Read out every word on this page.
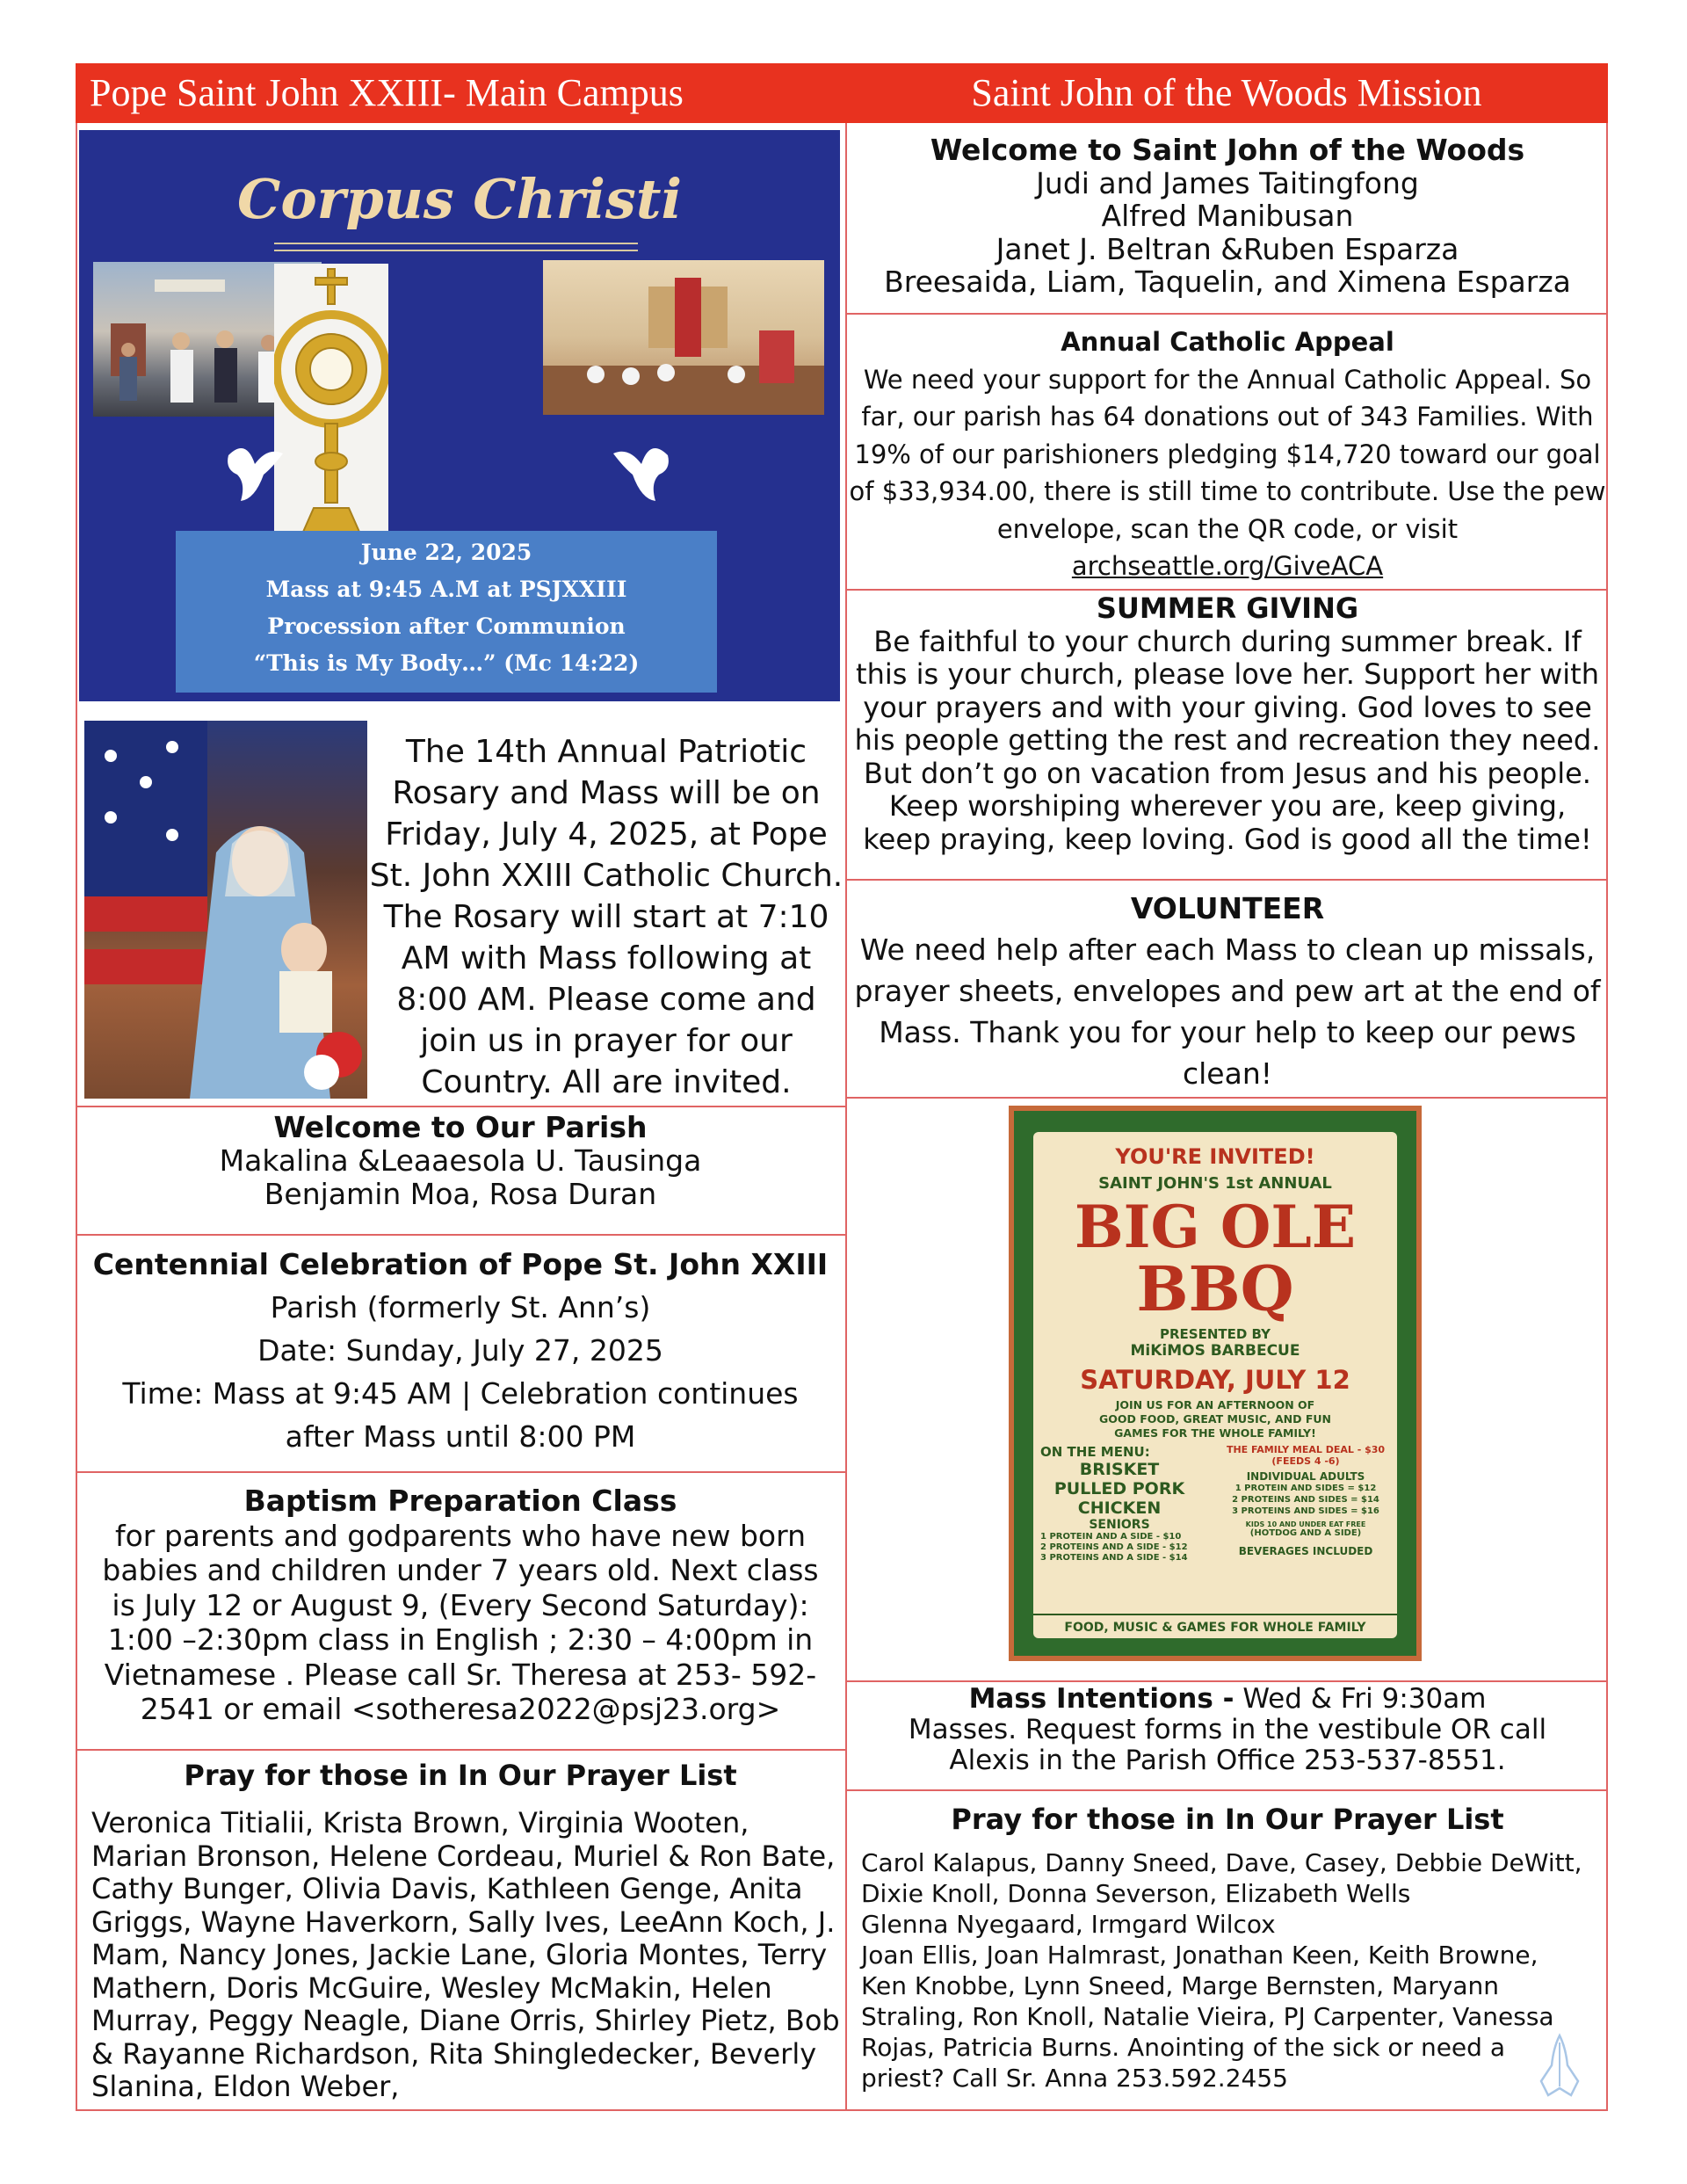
Pope Saint John XXIII- Main Campus	Saint John of the Woods Mission
Corpus Christi
June 22, 2025
Mass at 9:45 A.M at PSJXXIII
Procession after Communion
“This is My Body…” (Mc 14:22)
The 14th Annual Patriotic
Rosary and Mass will be on
Friday, July 4, 2025, at Pope
St. John XXIII Catholic Church.
The Rosary will start at 7:10
AM with Mass following at
8:00 AM. Please come and
join us in prayer for our
Country. All are invited.
Welcome to Our Parish
Makalina &Leaaesola U. Tausinga
Benjamin Moa, Rosa Duran
Centennial Celebration of Pope St. John XXIII
Parish (formerly St. Ann’s)
Date: Sunday, July 27, 2025
Time: Mass at 9:45 AM | Celebration continues
after Mass until 8:00 PM
Baptism Preparation Class
for parents and godparents who have new born
babies and children under 7 years old. Next class
is July 12 or August 9, (Every Second Saturday):
1:00 –2:30pm class in English ; 2:30 – 4:00pm in
Vietnamese . Please call Sr. Theresa at 253- 592-
2541 or email <sotheresa2022@psj23.org>
Pray for those in In Our Prayer List
Veronica Titialii, Krista Brown, Virginia Wooten,
Marian Bronson, Helene Cordeau, Muriel & Ron Bate,
Cathy Bunger, Olivia Davis, Kathleen Genge, Anita
Griggs, Wayne Haverkorn, Sally Ives, LeeAnn Koch, J.
Mam, Nancy Jones, Jackie Lane, Gloria Montes, Terry
Mathern, Doris McGuire, Wesley McMakin, Helen
Murray, Peggy Neagle, Diane Orris, Shirley Pietz, Bob
& Rayanne Richardson, Rita Shingledecker, Beverly
Slanina, Eldon Weber,
Welcome to Saint John of the Woods
Judi and James Taitingfong
Alfred Manibusan
Janet J. Beltran &Ruben Esparza
Breesaida, Liam, Taquelin, and Ximena Esparza
Annual Catholic Appeal
We need your support for the Annual Catholic Appeal. So
far, our parish has 64 donations out of 343 Families. With
19% of our parishioners pledging $14,720 toward our goal
of $33,934.00, there is still time to contribute. Use the pew
envelope, scan the QR code, or visit
archseattle.org/GiveACA
SUMMER GIVING
Be faithful to your church during summer break. If
this is your church, please love her. Support her with
your prayers and with your giving. God loves to see
his people getting the rest and recreation they need.
But don’t go on vacation from Jesus and his people.
Keep worshiping wherever you are, keep giving,
keep praying, keep loving. God is good all the time!
VOLUNTEER
We need help after each Mass to clean up missals,
prayer sheets, envelopes and pew art at the end of
Mass. Thank you for your help to keep our pews
clean!
YOU'RE INVITED!
SAINT JOHN'S 1st ANNUAL
BIG OLE
BBQ
PRESENTED BY
MiKiMOS BARBECUE
SATURDAY, JULY 12
JOIN US FOR AN AFTERNOON OF
GOOD FOOD, GREAT MUSIC, AND FUN
GAMES FOR THE WHOLE FAMILY!
ON THE MENU:
BRISKET
PULLED PORK
CHICKEN
SENIORS
1 PROTEIN AND A SIDE - $10
2 PROTEINS AND A SIDE - $12
3 PROTEINS AND A SIDE - $14
THE FAMILY MEAL DEAL - $30
(FEEDS 4 -6)
INDIVIDUAL ADULTS
1 PROTEIN AND SIDES = $12
2 PROTEINS AND SIDES = $14
3 PROTEINS AND SIDES = $16
KIDS 10 AND UNDER EAT FREE
(HOTDOG AND A SIDE)
BEVERAGES INCLUDED
FOOD, MUSIC & GAMES FOR WHOLE FAMILY
Mass Intentions - Wed & Fri 9:30am
Masses. Request forms in the vestibule OR call
Alexis in the Parish Office 253-537-8551.
Pray for those in In Our Prayer List
Carol Kalapus, Danny Sneed, Dave, Casey, Debbie DeWitt,
Dixie Knoll, Donna Severson, Elizabeth Wells
Glenna Nyegaard, Irmgard Wilcox
Joan Ellis, Joan Halmrast, Jonathan Keen, Keith Browne,
Ken Knobbe, Lynn Sneed, Marge Bernsten, Maryann
Straling, Ron Knoll, Natalie Vieira, PJ Carpenter, Vanessa
Rojas, Patricia Burns. Anointing of the sick or need a
priest? Call Sr. Anna 253.592.2455
